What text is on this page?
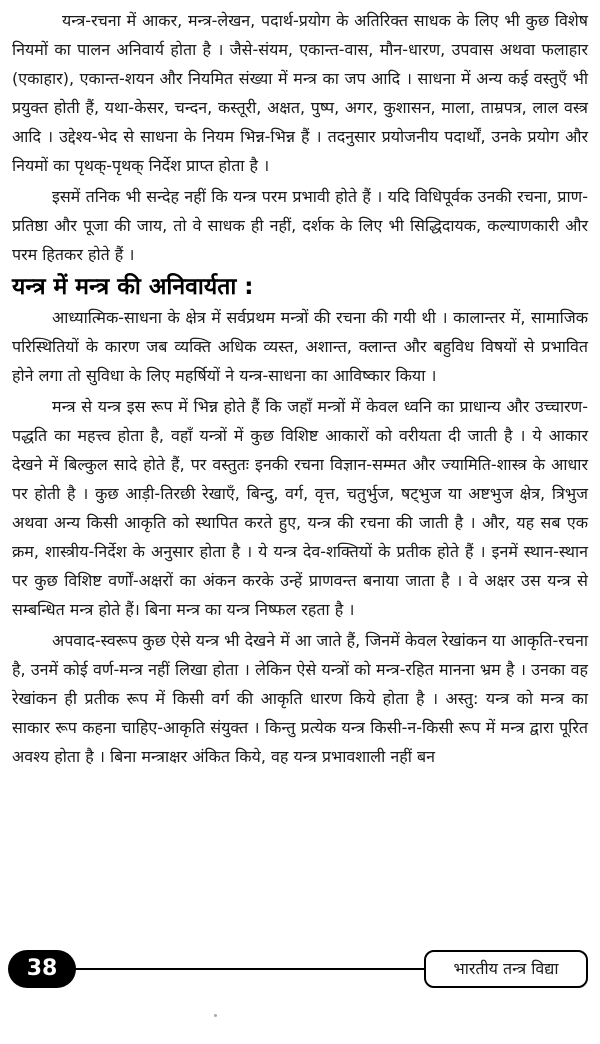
यन्त्र-रचना में आकर, मन्त्र-लेखन, पदार्थ-प्रयोग के अतिरिक्त साधक के लिए भी कुछ विशेष नियमों का पालन अनिवार्य होता है । जैसे-संयम, एकान्त-वास, मौन-धारण, उपवास अथवा फलाहार (एकाहार), एकान्त-शयन और नियमित संख्या में मन्त्र का जप आदि । साधना में अन्य कई वस्तुएँ भी प्रयुक्त होती हैं, यथा-केसर, चन्दन, कस्तूरी, अक्षत, पुष्प, अगर, कुशासन, माला, ताम्रपत्र, लाल वस्त्र आदि । उद्देश्य-भेद से साधना के नियम भिन्न-भिन्न हैं । तदनुसार प्रयोजनीय पदार्थों, उनके प्रयोग और नियमों का पृथक्-पृथक् निर्देश प्राप्त होता है ।

इसमें तनिक भी सन्देह नहीं कि यन्त्र परम प्रभावी होते हैं । यदि विधिपूर्वक उनकी रचना, प्राण-प्रतिष्ठा और पूजा की जाय, तो वे साधक ही नहीं, दर्शक के लिए भी सिद्धिदायक, कल्याणकारी और परम हितकर होते हैं ।

यन्त्र में मन्त्र की अनिवार्यता :

आध्यात्मिक-साधना के क्षेत्र में सर्वप्रथम मन्त्रों की रचना की गयी थी । कालान्तर में, सामाजिक परिस्थितियों के कारण जब व्यक्ति अधिक व्यस्त, अशान्त, क्लान्त और बहुविध विषयों से प्रभावित होने लगा तो सुविधा के लिए महर्षियों ने यन्त्र-साधना का आविष्कार किया ।

मन्त्र से यन्त्र इस रूप में भिन्न होते हैं कि जहाँ मन्त्रों में केवल ध्वनि का प्राधान्य और उच्चारण-पद्धति का महत्त्व होता है, वहाँ यन्त्रों में कुछ विशिष्ट आकारों को वरीयता दी जाती है । ये आकार देखने में बिल्कुल सादे होते हैं, पर वस्तुतः इनकी रचना विज्ञान-सम्मत और ज्यामिति-शास्त्र के आधार पर होती है । कुछ आड़ी-तिरछी रेखाएँ, बिन्दु, वर्ग, वृत्त, चतुर्भुज, षट्भुज या अष्टभुज क्षेत्र, त्रिभुज अथवा अन्य किसी आकृति को स्थापित करते हुए, यन्त्र की रचना की जाती है । और, यह सब एक क्रम, शास्त्रीय-निर्देश के अनुसार होता है । ये यन्त्र देव-शक्तियों के प्रतीक होते हैं । इनमें स्थान-स्थान पर कुछ विशिष्ट वर्णों-अक्षरों का अंकन करके उन्हें प्राणवन्त बनाया जाता है । वे अक्षर उस यन्त्र से सम्बन्धित मन्त्र होते हैं। बिना मन्त्र का यन्त्र निष्फल रहता है ।

अपवाद-स्वरूप कुछ ऐसे यन्त्र भी देखने में आ जाते हैं, जिनमें केवल रेखांकन या आकृति-रचना है, उनमें कोई वर्ण-मन्त्र नहीं लिखा होता । लेकिन ऐसे यन्त्रों को मन्त्र-रहित मानना भ्रम है । उनका वह रेखांकन ही प्रतीक रूप में किसी वर्ग की आकृति धारण किये होता है । अस्तु: यन्त्र को मन्त्र का साकार रूप कहना चाहिए-आकृति संयुक्त । किन्तु प्रत्येक यन्त्र किसी-न-किसी रूप में मन्त्र द्वारा पूरित अवश्य होता है । बिना मन्त्राक्षर अंकित किये, वह यन्त्र प्रभावशाली नहीं बन

38	भारतीय तन्त्र विद्या
